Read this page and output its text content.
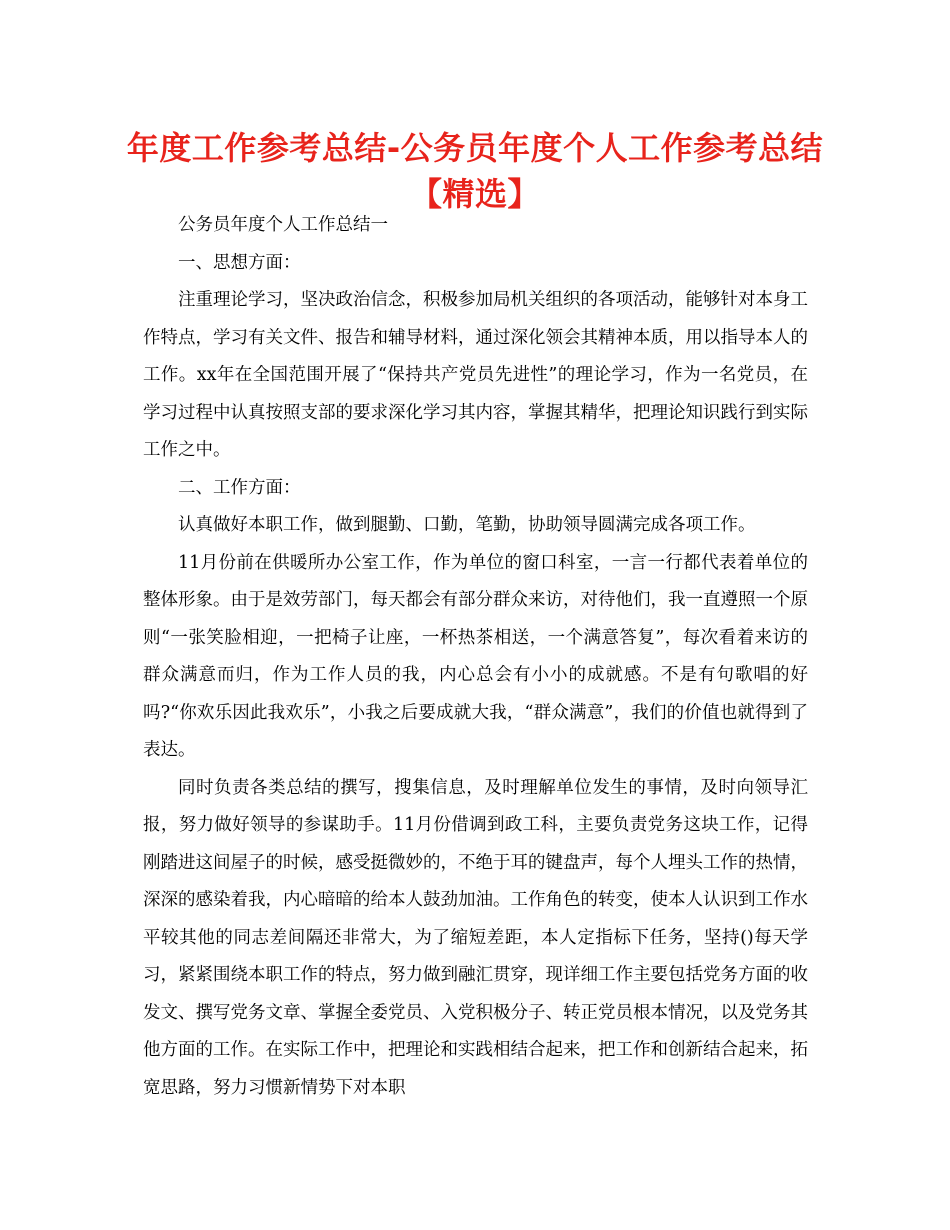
年度工作参考总结-公务员年度个人工作参考总结
【精选】

公务员年度个人工作总结一

一、思想方面：

注重理论学习，坚决政治信念，积极参加局机关组织的各项活动，能够针对本身工作特点，学习有关文件、报告和辅导材料，通过深化领会其精神本质，用以指导本人的工作。xx年在全国范围开展了“保持共产党员先进性”的理论学习，作为一名党员，在学习过程中认真按照支部的要求深化学习其内容，掌握其精华，把理论知识践行到实际工作之中。

二、工作方面：

认真做好本职工作，做到腿勤、口勤，笔勤，协助领导圆满完成各项工作。

11月份前在供暖所办公室工作，作为单位的窗口科室，一言一行都代表着单位的整体形象。由于是效劳部门，每天都会有部分群众来访，对待他们，我一直遵照一个原则“一张笑脸相迎，一把椅子让座，一杯热茶相送，一个满意答复”，每次看着来访的群众满意而归，作为工作人员的我，内心总会有小小的成就感。不是有句歌唱的好吗?“你欢乐因此我欢乐”，小我之后要成就大我，“群众满意”，我们的价值也就得到了表达。

同时负责各类总结的撰写，搜集信息，及时理解单位发生的事情，及时向领导汇报，努力做好领导的参谋助手。11月份借调到政工科，主要负责党务这块工作，记得刚踏进这间屋子的时候，感受挺微妙的，不绝于耳的键盘声，每个人埋头工作的热情，深深的感染着我，内心暗暗的给本人鼓劲加油。工作角色的转变，使本人认识到工作水平较其他的同志差间隔还非常大，为了缩短差距，本人定指标下任务，坚持()每天学习，紧紧围绕本职工作的特点，努力做到融汇贯穿，现详细工作主要包括党务方面的收发文、撰写党务文章、掌握全委党员、入党积极分子、转正党员根本情况，以及党务其他方面的工作。在实际工作中，把理论和实践相结合起来，把工作和创新结合起来，拓宽思路，努力习惯新情势下对本职
